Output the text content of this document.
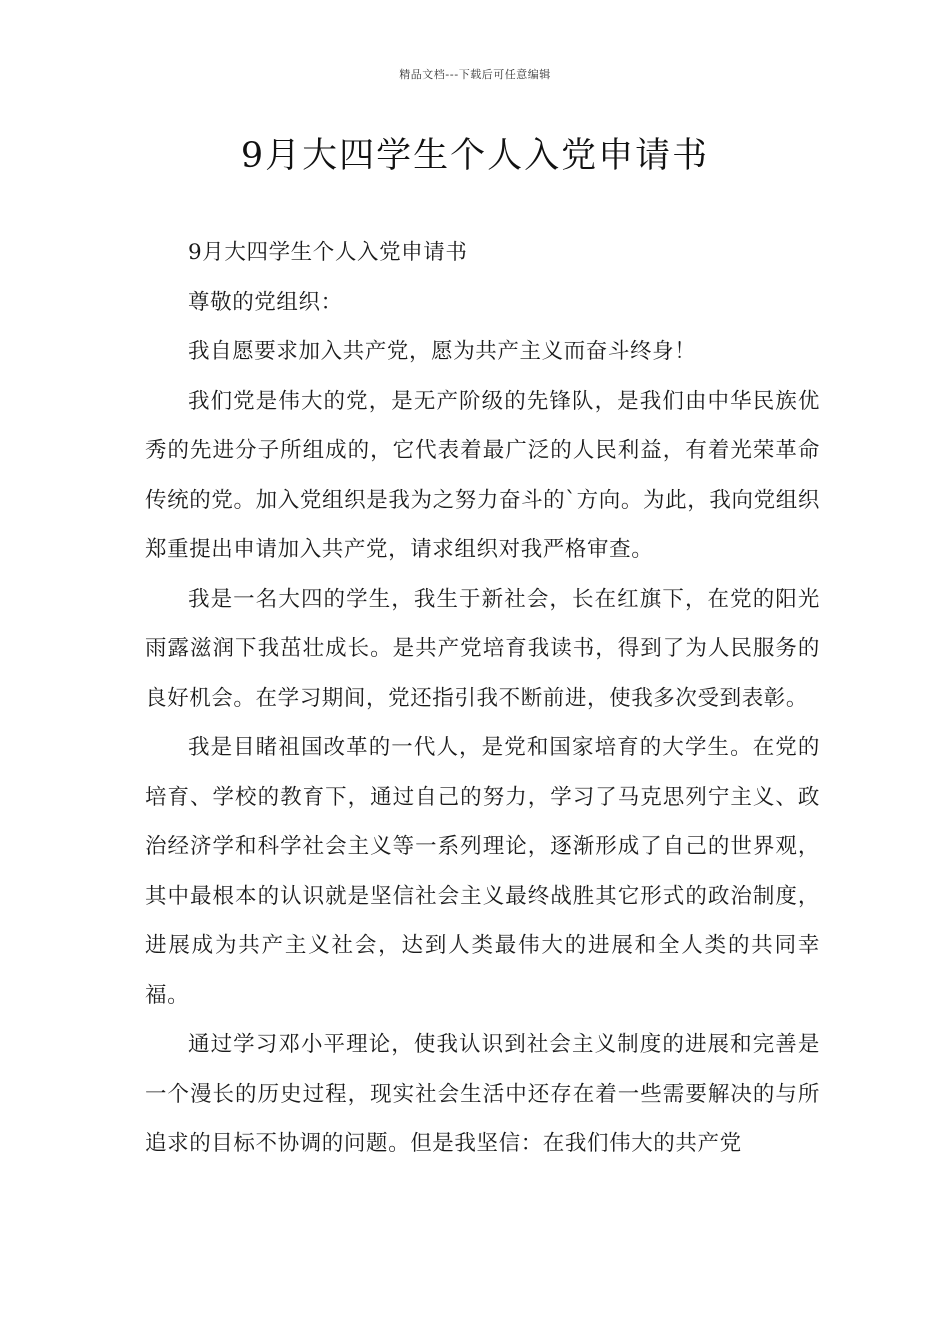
精品文档---下载后可任意编辑
9月大四学生个人入党申请书

9月大四学生个人入党申请书

尊敬的党组织：

我自愿要求加入共产党，愿为共产主义而奋斗终身！

我们党是伟大的党，是无产阶级的先锋队，是我们由中华民族优秀的先进分子所组成的，它代表着最广泛的人民利益，有着光荣革命传统的党。加入党组织是我为之努力奋斗的`方向。为此，我向党组织郑重提出申请加入共产党，请求组织对我严格审查。

我是一名大四的学生，我生于新社会，长在红旗下，在党的阳光雨露滋润下我茁壮成长。是共产党培育我读书，得到了为人民服务的良好机会。在学习期间，党还指引我不断前进，使我多次受到表彰。

我是目睹祖国改革的一代人，是党和国家培育的大学生。在党的培育、学校的教育下，通过自己的努力，学习了马克思列宁主义、政治经济学和科学社会主义等一系列理论，逐渐形成了自己的世界观，其中最根本的认识就是坚信社会主义最终战胜其它形式的政治制度，进展成为共产主义社会，达到人类最伟大的进展和全人类的共同幸福。

通过学习邓小平理论，使我认识到社会主义制度的进展和完善是一个漫长的历史过程，现实社会生活中还存在着一些需要解决的与所追求的目标不协调的问题。但是我坚信：在我们伟大的共产党
